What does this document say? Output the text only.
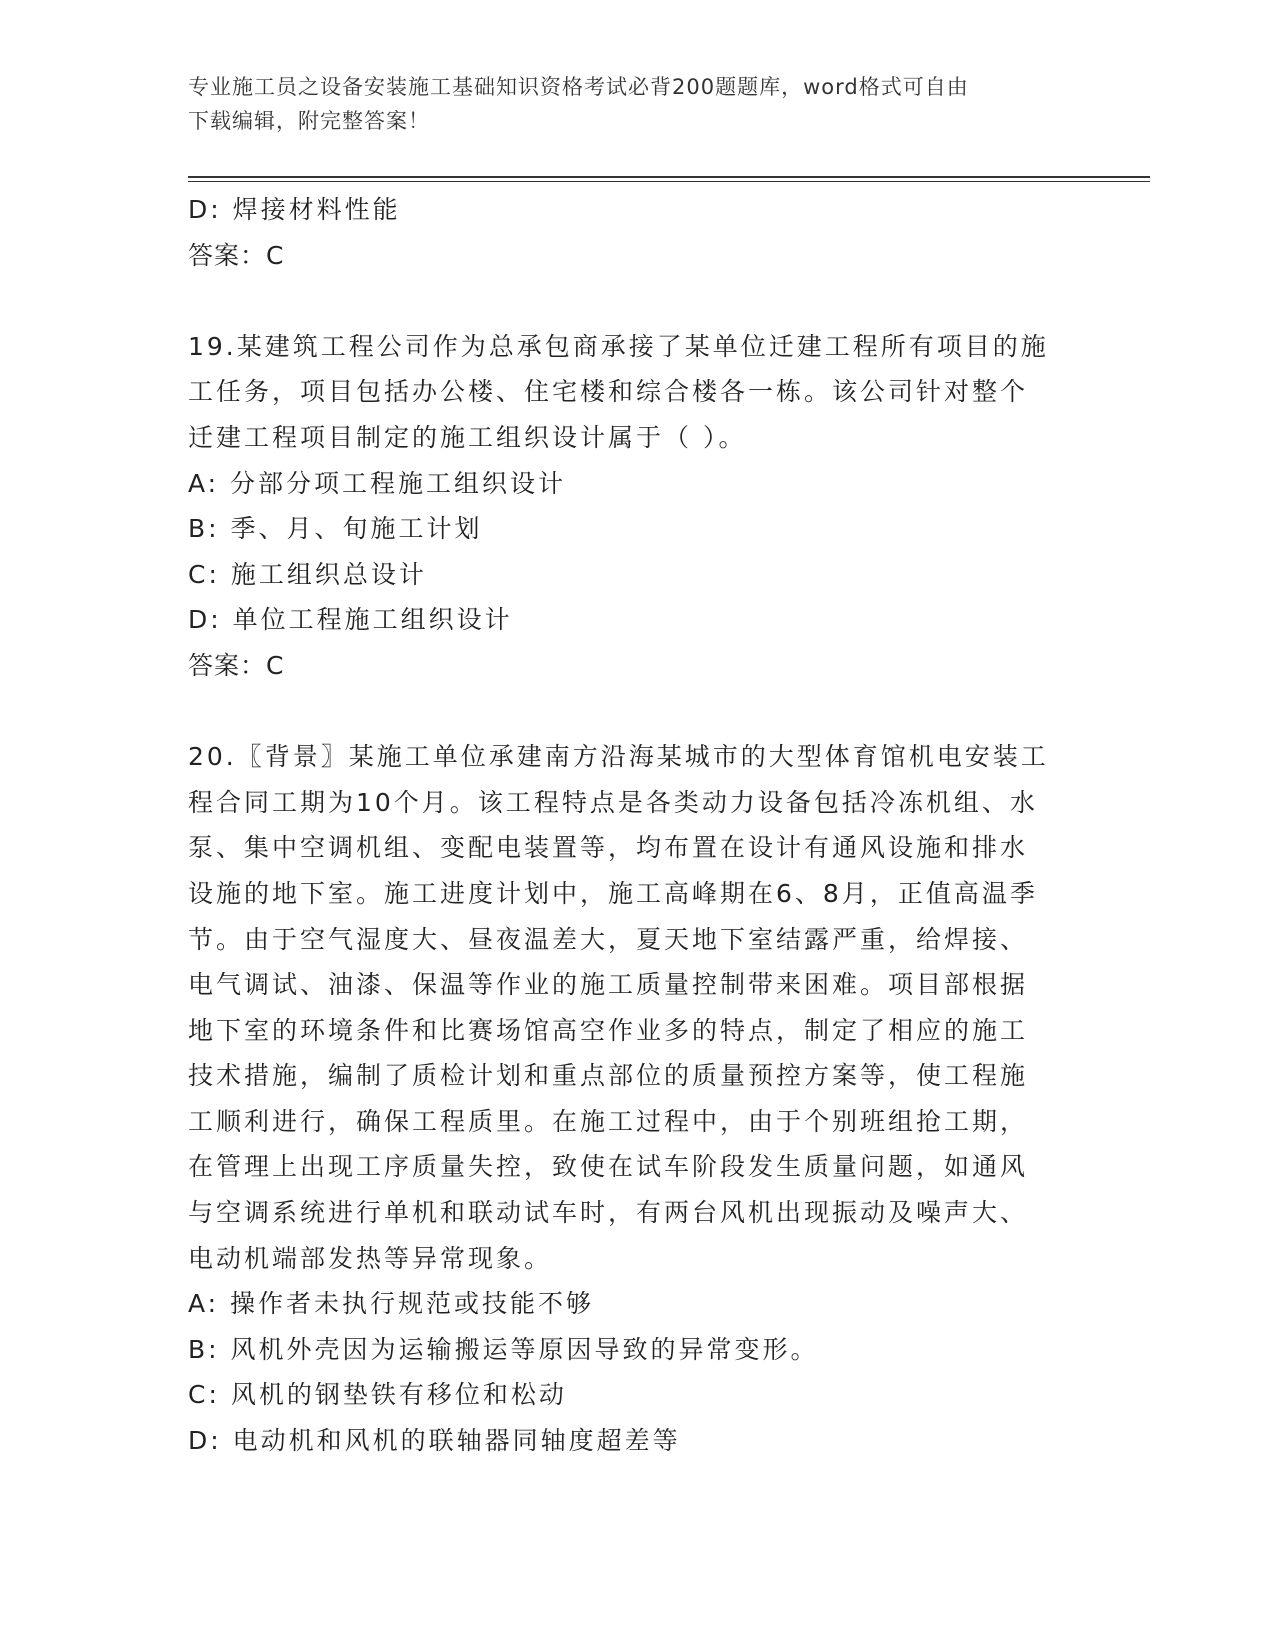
专业施工员之设备安装施工基础知识资格考试必背200题题库，word格式可自由
下载编辑，附完整答案！
D: 焊接材料性能
答案：C
19.某建筑工程公司作为总承包商承接了某单位迁建工程所有项目的施
工任务，项目包括办公楼、住宅楼和综合楼各一栋。该公司针对整个
迁建工程项目制定的施工组织设计属于（ ）。
A: 分部分项工程施工组织设计
B: 季、月、旬施工计划
C: 施工组织总设计
D: 单位工程施工组织设计
答案：C
20.〖背景〗某施工单位承建南方沿海某城市的大型体育馆机电安装工
程合同工期为10个月。该工程特点是各类动力设备包括冷冻机组、水
泵、集中空调机组、变配电装置等，均布置在设计有通风设施和排水
设施的地下室。施工进度计划中，施工高峰期在6、8月，正值高温季
节。由于空气湿度大、昼夜温差大，夏天地下室结露严重，给焊接、
电气调试、油漆、保温等作业的施工质量控制带来困难。项目部根据
地下室的环境条件和比赛场馆高空作业多的特点，制定了相应的施工
技术措施，编制了质检计划和重点部位的质量预控方案等，使工程施
工顺利进行，确保工程质里。在施工过程中，由于个别班组抢工期，
在管理上出现工序质量失控，致使在试车阶段发生质量问题，如通风
与空调系统进行单机和联动试车时，有两台风机出现振动及噪声大、
电动机端部发热等异常现象。
A: 操作者未执行规范或技能不够
B: 风机外壳因为运输搬运等原因导致的异常变形。
C: 风机的钢垫铁有移位和松动
D: 电动机和风机的联轴器同轴度超差等
